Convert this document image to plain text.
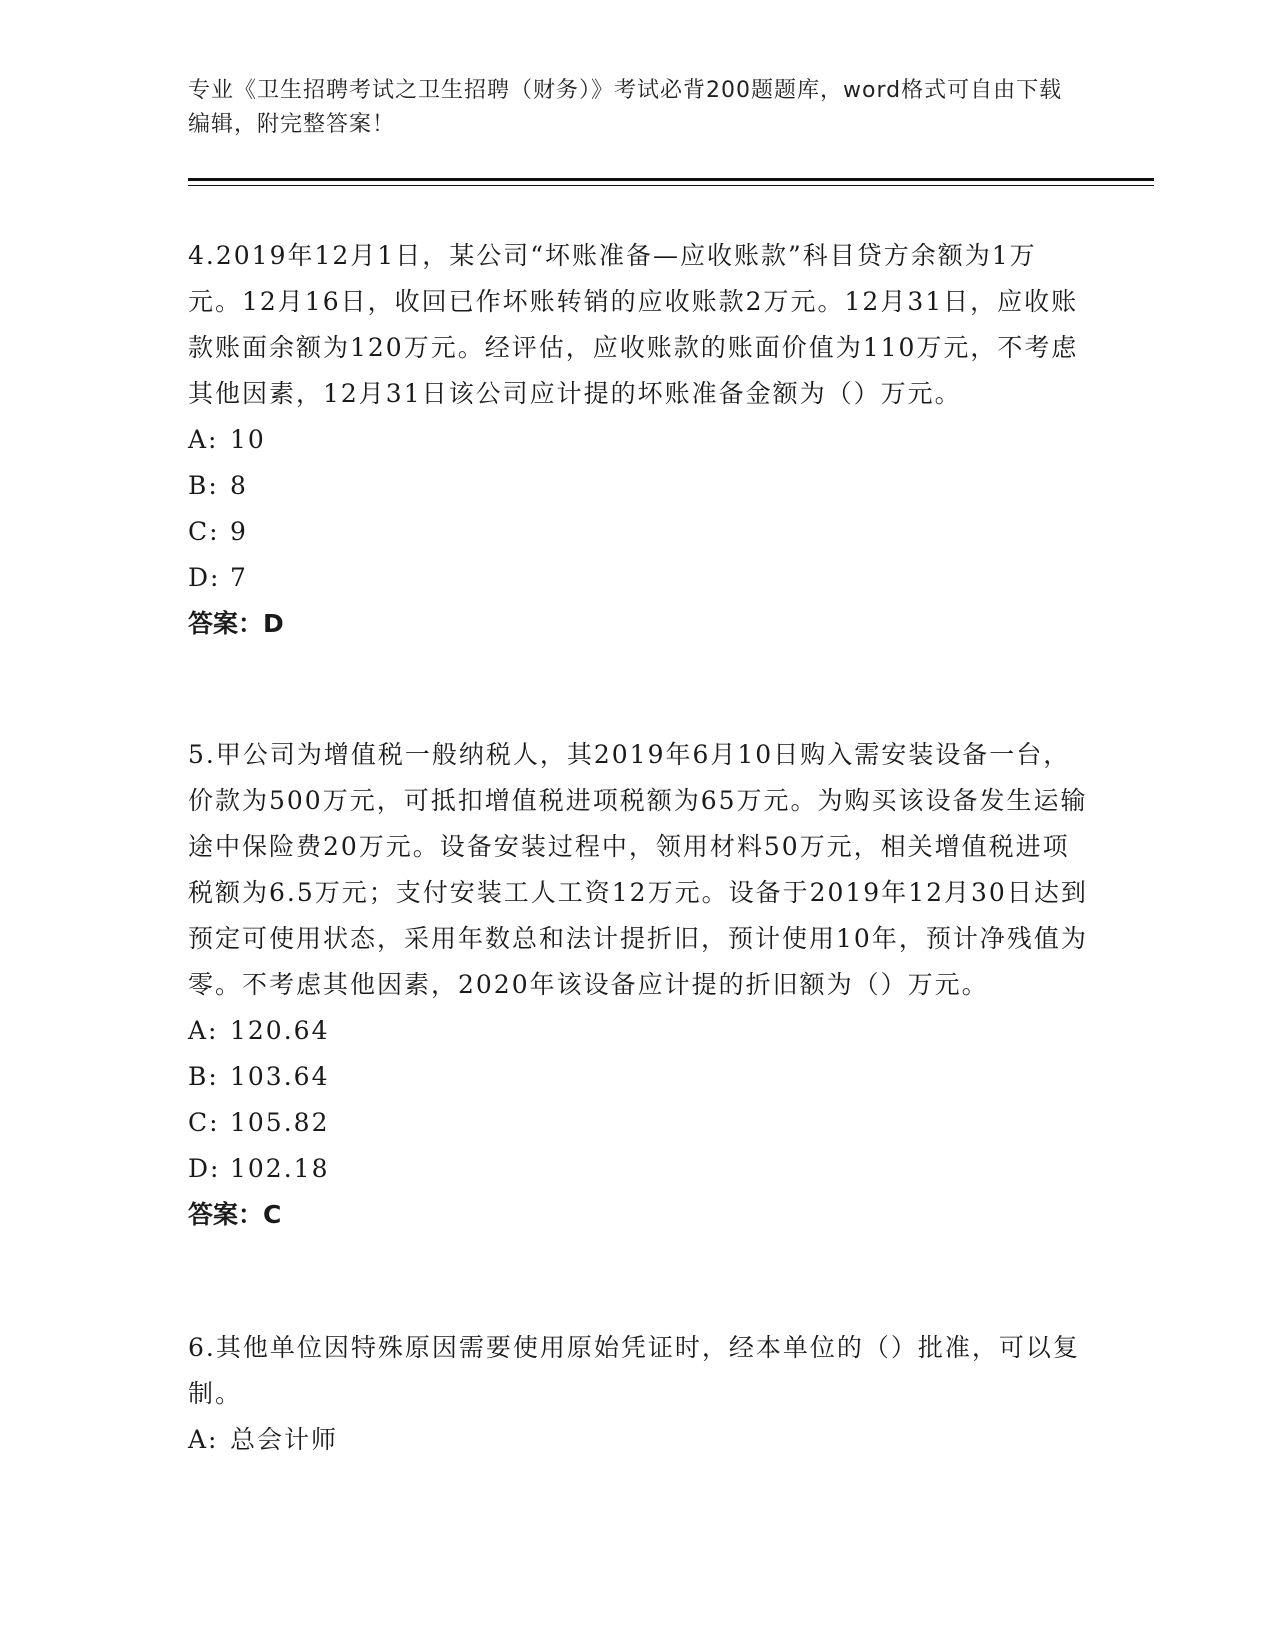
专业《卫生招聘考试之卫生招聘（财务）》考试必背200题题库，word格式可自由下载编辑，附完整答案！

4.2019年12月1日，某公司“坏账准备—应收账款”科目贷方余额为1万元。12月16日，收回已作坏账转销的应收账款2万元。12月31日，应收账款账面余额为120万元。经评估，应收账款的账面价值为110万元，不考虑其他因素，12月31日该公司应计提的坏账准备金额为（）万元。

A: 10

B: 8

C: 9

D: 7

答案：D

5.甲公司为增值税一般纳税人，其2019年6月10日购入需安装设备一台，价款为500万元，可抵扣增值税进项税额为65万元。为购买该设备发生运输途中保险费20万元。设备安装过程中，领用材料50万元，相关增值税进项税额为6.5万元；支付安装工人工资12万元。设备于2019年12月30日达到预定可使用状态，采用年数总和法计提折旧，预计使用10年，预计净残值为零。不考虑其他因素，2020年该设备应计提的折旧额为（）万元。

A: 120.64

B: 103.64

C: 105.82

D: 102.18

答案：C

6.其他单位因特殊原因需要使用原始凭证时，经本单位的（）批准，可以复制。

A: 总会计师
